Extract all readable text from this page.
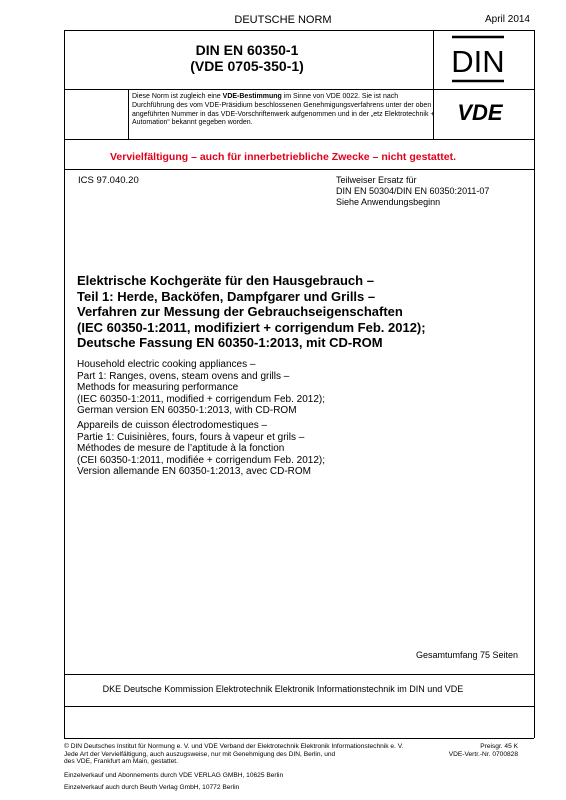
DEUTSCHE NORM	April 2014
DIN EN 60350-1
(VDE 0705-350-1)	DIN
VDE
Diese Norm ist zugleich eine VDE-Bestimmung im Sinne von VDE 0022. Sie ist nach Durchführung des vom VDE-Präsidium beschlossenen Genehmigungsverfahrens unter der oben angeführten Nummer in das VDE-Vorschriftenwerk aufgenommen und in der „etz Elektrotechnik + Automation“ bekannt gegeben worden.
Vervielfältigung – auch für innerbetriebliche Zwecke – nicht gestattet.
ICS 97.040.20	Teilweiser Ersatz für
DIN EN 50304/DIN EN 60350:2011-07
Siehe Anwendungsbeginn
Elektrische Kochgeräte für den Hausgebrauch –
Teil 1: Herde, Backöfen, Dampfgarer und Grills –
Verfahren zur Messung der Gebrauchseigenschaften
(IEC 60350-1:2011, modifiziert + corrigendum Feb. 2012);
Deutsche Fassung EN 60350-1:2013, mit CD-ROM
Household electric cooking appliances –
Part 1: Ranges, ovens, steam ovens and grills –
Methods for measuring performance
(IEC 60350-1:2011, modified + corrigendum Feb. 2012);
German version EN 60350-1:2013, with CD-ROM
Appareils de cuisson électrodomestiques –
Partie 1: Cuisinières, fours, fours à vapeur et grils –
Méthodes de mesure de l’aptitude à la fonction
(CEI 60350-1:2011, modifiée + corrigendum Feb. 2012);
Version allemande EN 60350-1:2013, avec CD-ROM
Gesamtumfang 75 Seiten
DKE Deutsche Kommission Elektrotechnik Elektronik Informationstechnik im DIN und VDE
© DIN Deutsches Institut für Normung e. V. und VDE Verband der Elektrotechnik Elektronik Informationstechnik e. V.
Jede Art der Vervielfältigung, auch auszugsweise, nur mit Genehmigung des DIN, Berlin, und
des VDE, Frankfurt am Main, gestattet.
Preisgr. 45 K
VDE-Vertr.-Nr. 0700828
Einzelverkauf und Abonnements durch VDE VERLAG GMBH, 10625 Berlin
Einzelverkauf auch durch Beuth Verlag GmbH, 10772 Berlin
